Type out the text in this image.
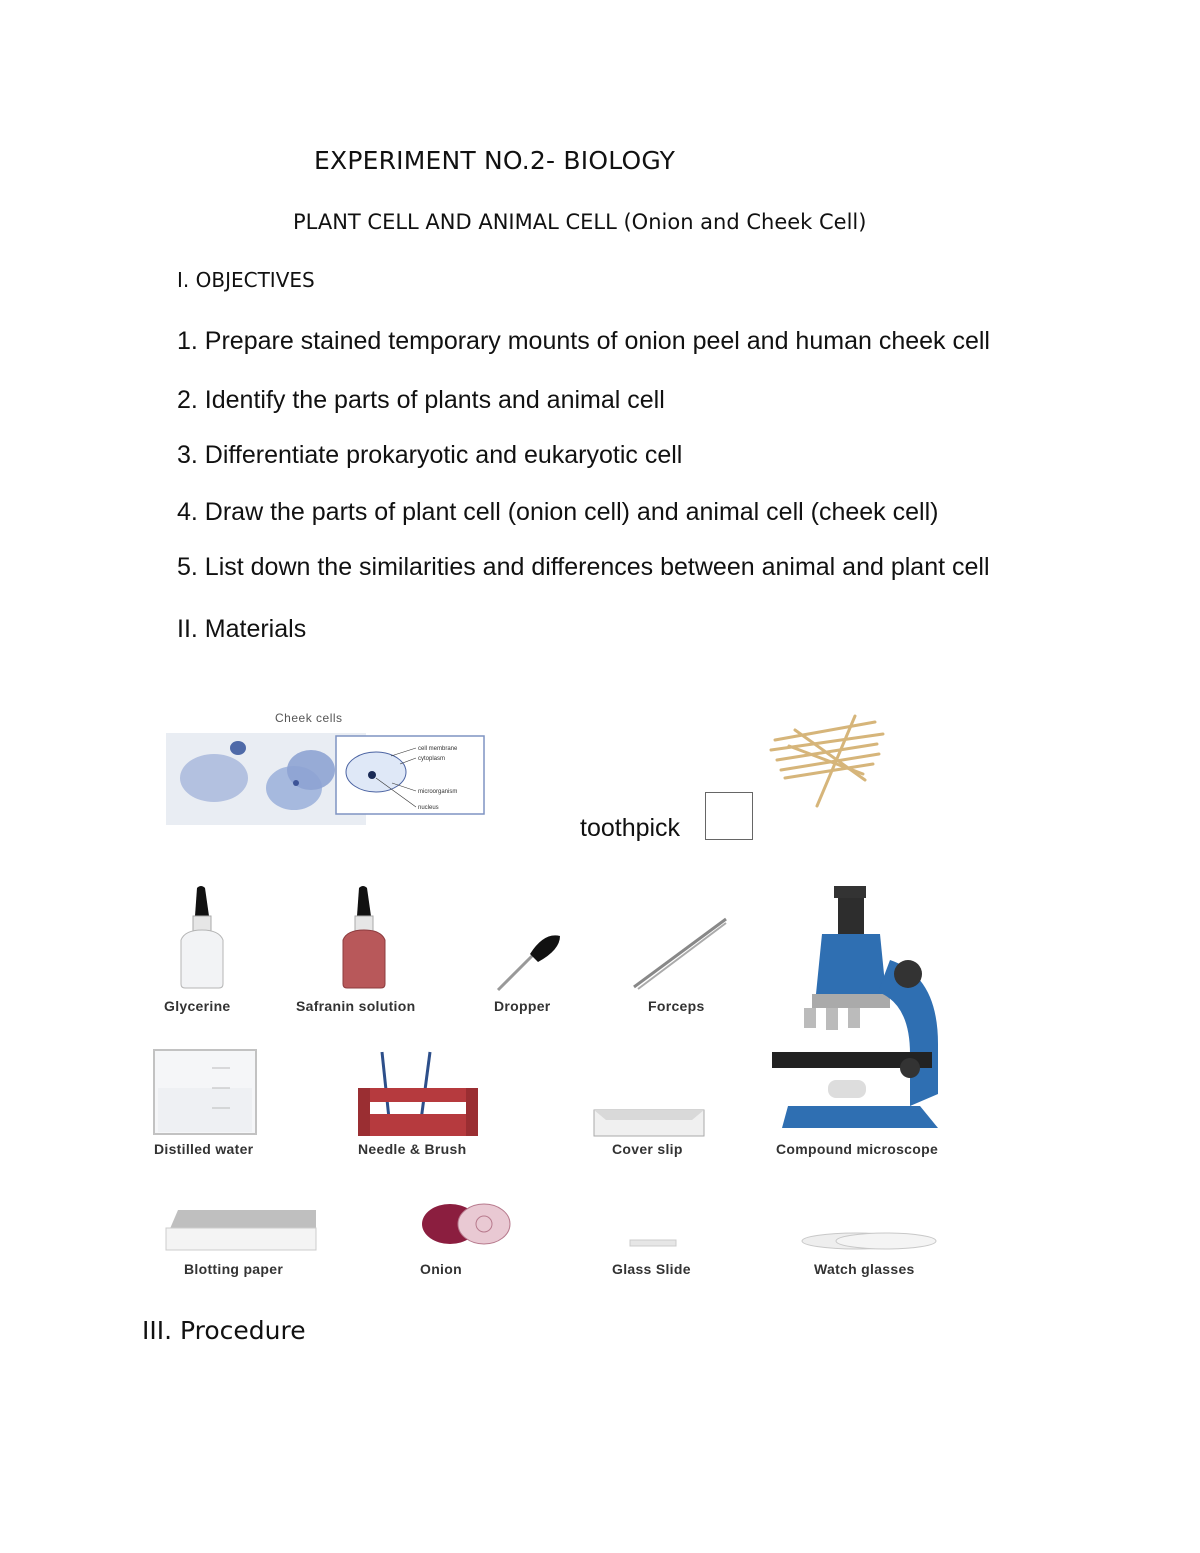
EXPERIMENT NO.2- BIOLOGY
PLANT CELL AND ANIMAL CELL (Onion and Cheek Cell)
I. OBJECTIVES
1. Prepare stained temporary mounts of onion peel and human cheek cell
2. Identify the parts of plants and animal cell
3. Differentiate prokaryotic and eukaryotic cell
4. Draw the parts of plant cell (onion cell) and animal cell (cheek cell)
5. List down the similarities and differences between animal and plant cell
II. Materials
Cheek cells
cell membrane
cytoplasm
microorganism
nucleus
toothpick
Glycerine	Safranin solution	Dropper	Forceps
Compound microscope
Distilled water	Needle & Brush	Cover slip
Blotting paper	Onion	Glass Slide	Watch glasses
III. Procedure
